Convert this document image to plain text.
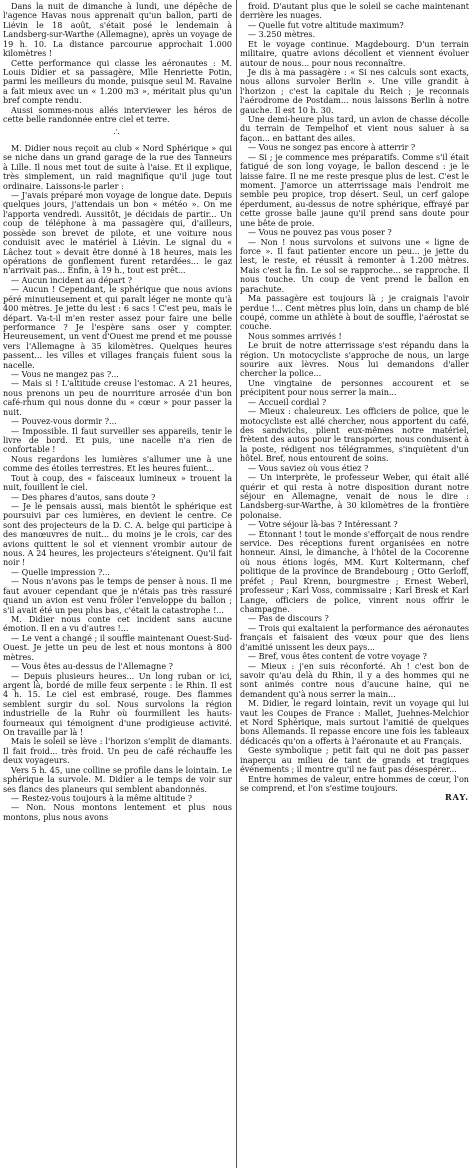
Dans la nuit de dimanche à lundi, une dépêche de l'agence Havas nous apprenait qu'un ballon, parti de Liévin le 18 août, s'était posé le lendemain à Landsberg-sur-Warthe (Allemagne), après un voyage de 19 h. 10. La distance parcourue approchait 1.000 kilomètres !

Cette performance qui classe les aéronautes : M. Louis Didier et sa passagère, Mlle Henriette Potin, parmi les meilleurs du monde, puisque seul M. Ravaine a fait mieux avec un « 1.200 m3 », méritait plus qu'un bref compte rendu.

Aussi sommes-nous allés interviewer les héros de cette belle randonnée entre ciel et terre.

∴

M. Didier nous reçoit au club « Nord Sphérique » qui se niche dans un grand garage de la rue des Tanneurs à Lille. Il nous met tout de suite à l'aise. Et il explique, très simplement, un raid magnifique qu'il juge tout ordinaire. Laissons-le parler :

— J'avais préparé mon voyage de longue date. Depuis quelques jours, j'attendais un bon « météo ». On me l'apporta vendredi. Aussitôt, je décidais de partir... Un coup de téléphone à ma passagère qui, d'ailleurs, possède son brevet de pilote, et une voiture nous conduisit avec le matériel à Liévin. Le signal du « Lâchez tout » devait être donné à 18 heures, mais les opérations de gonflement furent retardées... le gaz n'arrivait pas... Enfin, à 19 h., tout est prêt...

— Aucun incident au départ ?

— Aucun ! Cependant, le sphérique que nous avions péré minutieusement et qui paraît léger ne monte qu'à 400 mètres. Je jette du lest : 6 sacs ! C'est peu, mais le départ. Va-t-il m'en rester assez pour faire une belle performance ? Je l'espère sans oser y compter. Heureusement, un vent d'Ouest me prend et me pousse vers l'Allemagne à 35 kilomètres. Quelques heures passent... les villes et villages français fuient sous la nacelle.

— Vous ne mangez pas ?...

— Mais si ! L'altitude creuse l'estomac. A 21 heures, nous prenons un peu de nourriture arrosée d'un bon café-rhum qui nous donne du « cœur » pour passer la nuit.

— Pouvez-vous dormir ?...

— Impossible. Il faut surveiller ses appareils, tenir le livre de bord. Et puis, une nacelle n'a rien de confortable !

Nous regardons les lumières s'allumer une à une comme des étoiles terrestres. Et les heures fuient...

Tout à coup, des « faisceaux lumineux » trouent la nuit, fouillent le ciel.

— Des phares d'autos, sans doute ?

— Je le pensais aussi, mais bientôt le sphérique est poursuivi par ces lumières, en devient le centre. Ce sont des projecteurs de la D. C. A. belge qui participe à des manœuvres de nuit... du moins je le crois, car des avions quittent le sol et viennent vrombir autour de nous. A 24 heures, les projecteurs s'éteignent. Qu'il fait noir !

— Quelle impression ?...

— Nous n'avons pas le temps de penser à nous. Il me faut avouer cependant que je n'étais pas très rassuré quand un avion est venu frôler l'enveloppe du ballon ; s'il avait été un peu plus bas, c'était la catastrophe !...

M. Didier nous conte cet incident sans aucune émotion. Il en a vu d'autres !...

— Le vent a changé ; il souffle maintenant Ouest-Sud-Ouest. Je jette un peu de lest et nous montons à 800 mètres.

— Vous êtes au-dessus de l'Allemagne ?

— Depuis plusieurs heures... Un long ruban or ici, argent là, bordé de mille feux serpente : le Rhin. Il est 4 h. 15. Le ciel est embrasé, rouge. Des flammes semblent surgir du sol. Nous survolons la région industrielle de la Ruhr où fourmillent les hauts-fourneaux qui témoignent d'une prodigieuse activité. On travaille par là !

Mais le soleil se lève : l'horizon s'emplit de diamants. Il fait froid... très froid. Un peu de café réchauffe les deux voyageurs.

Vers 5 h. 45, une colline se profile dans le lointain. Le sphérique la survole. M. Didier a le temps de voir sur ses flancs des planeurs qui semblent abandonnés.

— Restez-vous toujours à la même altitude ?

— Non. Nous montons lentement et plus nous montons, plus nous avons

froid. D'autant plus que le soleil se cache maintenant derrière les nuages.

— Quelle fut votre altitude maximum?

— 3.250 mètres.

Et le voyage continue. Magdebourg. D'un terrain militaire, quatre avions décollent et viennent évoluer autour de nous... pour nous reconnaître.

Je dis à ma passagère : « Si nes calculs sont exacts, nous allons survoler Berlin ». Une ville grandit à l'horizon ; c'est la capitale du Reich ; je reconnais l'aérodrome de Postdam... nous laissons Berlin à notre gauche. Il est 10 h. 30.

Une demi-heure plus tard, un avion de chasse décolle du terrain de Tempelhof et vient nous saluer à sa façon... en battant des ailes.

— Vous ne songez pas encore à atterrir ?

— Si ; je commence mes préparatifs. Comme s'il était fatigué de son long voyage, le ballon descend : je le laisse faire. Il ne me reste presque plus de lest. C'est le moment. J'amorce un atterrissage mais l'endroit me semble peu propice, trop désert. Seul, un cerf galope éperdument, au-dessus de notre sphérique, effrayé par cette grosse balle jaune qu'il prend sans doute pour une bête de proie.

— Vous ne pouvez pas vous poser ?

— Non ! nous survolons et suivons une « ligne de force ». Il faut patienter encore un peu... je jette du lest, le reste, et réussit à remonter à 1.200 mètres. Mais c'est la fin. Le sol se rapproche... se rapproche. Il nous touche. Un coup de vent prend le ballon en parachute.

Ma passagère est toujours là ; je craignais l'avoir perdue !... Cent mètres plus loin, dans un champ de blé coupé, comme un athlète à bout de souffle, l'aérostat se couche.

Nous sommes arrivés !

Le bruit de notre atterrissage s'est répandu dans la région. Un motocycliste s'approche de nous, un large sourire aux lèvres. Nous lui demandons d'aller chercher la police...

Une vingtaine de personnes accourent et se précipitent pour nous serrer la main...

— Accueil cordial ?

— Mieux : chaleureux. Les officiers de police, que le motocycliste est allé chercher, nous apportent du café, des sandwichs, plient eux-mêmes notre matériel, frètent des autos pour le transporter, nous conduisent à la poste, rédigent nos télégrammes, s'inquiètent d'un hôtel. Bref, nous entourent de soins.

— Vous saviez où vous étiez ?

— Un interprète, le professeur Weber, qui était allé quérir et qui resta à notre disposition durant notre séjour en Allemagne, venait de nous le dire : Landsberg-sur-Warthe, à 30 kilomètres de la frontière polonaise.

— Votre séjour là-bas ? Intéressant ?

— Étonnant ! tout le monde s'efforçait de nous rendre service. Des réceptions furent organisées en notre honneur. Ainsi, le dimanche, à l'hôtel de la Cocorenne où nous étions logés, MM. Kurt Koltermann, chef politique de la province de Brandebourg ; Otto Gerloff, préfet ; Paul Krenn, bourgmestre ; Ernest Weberl, professeur ; Karl Voss, commissaire ; Karl Bresk et Karl Lange, officiers de police, vinrent nous offrir le champagne.

— Pas de discours ?

— Trois qui exaltaient la performance des aéronautes français et faisaient des vœux pour que des liens d'amitié unissent les deux pays...

— Bref, vous êtes content de votre voyage ?

— Mieux : j'en suis réconforté. Ah ! c'est bon de savoir qu'au delà du Rhin, il y a des hommes qui ne sont animés contre nous d'aucune haine, qui ne demandent qu'à nous serrer la main...

M. Didier, le regard lointain, revit un voyage qui lui vaut les Coupes de France : Mallet, Juehnes-Melchior et Nord Sphérique, mais surtout l'amitié de quelques bons Allemands. Il repasse encore une fois les tableaux dédicacés qu'on a offerts à l'aéronaute et au Français.

Geste symbolique ; petit fait qui ne doit pas passer inaperçu au milieu de tant de grands et tragiques événements ; il montre qu'il ne faut pas désespérer...

Entre hommes de valeur, entre hommes de cœur, l'on se comprend, et l'on s'estime toujours.

RAY.
